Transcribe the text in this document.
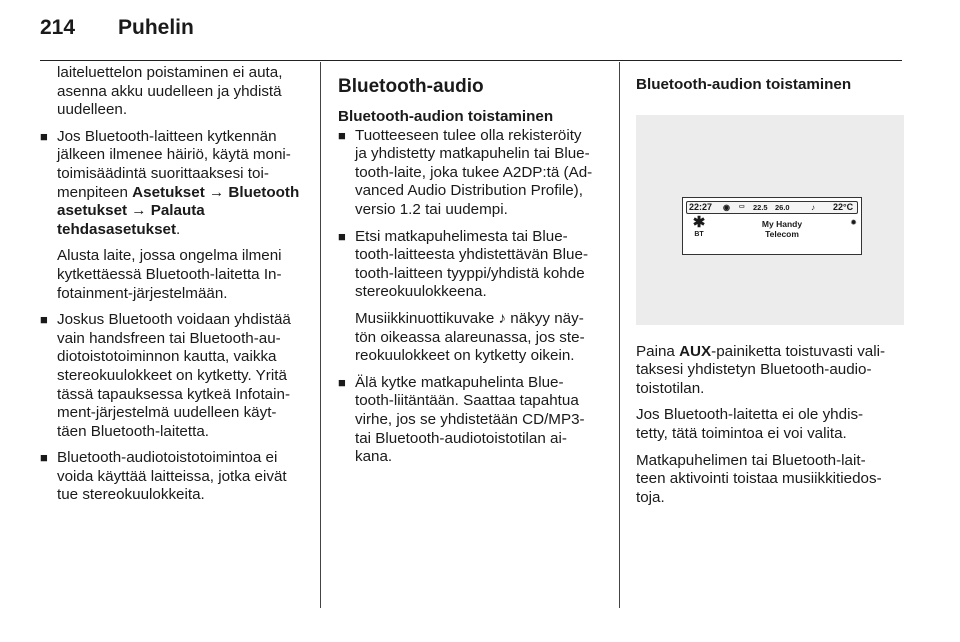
214 Puhelin
laiteluettelon poistaminen ei auta,
asenna akku uudelleen ja yhdistä
uudelleen.
■ Jos Bluetooth-laitteen kytkennän
jälkeen ilmenee häiriö, käytä moni-
toimisäädintä suorittaaksesi toi-
menpiteen Asetukset → Bluetooth
asetukset → Palauta
tehdasasetukset.
Alusta laite, jossa ongelma ilmeni
kytkettäessä Bluetooth-laitetta In-
fotainment-järjestelmään.
■ Joskus Bluetooth voidaan yhdistää
vain handsfreen tai Bluetooth-au-
diotoistotoiminnon kautta, vaikka
stereokuulokkeet on kytketty. Yritä
tässä tapauksessa kytkeä Infotain-
ment-järjestelmä uudelleen käyt-
täen Bluetooth-laitetta.
■ Bluetooth-audiotoistotoimintoa ei
voida käyttää laitteissa, jotka eivät
tue stereokuulokkeita.
Bluetooth-audio
Bluetooth-audion toistaminen
■ Tuotteeseen tulee olla rekisteröity
ja yhdistetty matkapuhelin tai Blue-
tooth-laite, joka tukee A2DP:tä (Ad-
vanced Audio Distribution Profile),
versio 1.2 tai uudempi.
■ Etsi matkapuhelimesta tai Blue-
tooth-laitteesta yhdistettävän Blue-
tooth-laitteen tyyppi/yhdistä kohde
stereokuulokkeena.
Musiikkinuottikuvake ♪ näkyy näy-
tön oikeassa alareunassa, jos ste-
reokuulokkeet on kytketty oikein.
■ Älä kytke matkapuhelinta Blue-
tooth-liitäntään. Saattaa tapahtua
virhe, jos se yhdistetään CD/MP3-
tai Bluetooth-audiotoistotilan ai-
kana.
Bluetooth-audion toistaminen
22:27 ◉ ▭ 22.5 26.0	♪ 22°C
✱
BT
My Handy
Telecom
✹
Paina AUX-painiketta toistuvasti vali-
taksesi yhdistetyn Bluetooth-audio-
toistotilan.
Jos Bluetooth-laitetta ei ole yhdis-
tetty, tätä toimintoa ei voi valita.
Matkapuhelimen tai Bluetooth-lait-
teen aktivointi toistaa musiikkitiedos-
toja.
